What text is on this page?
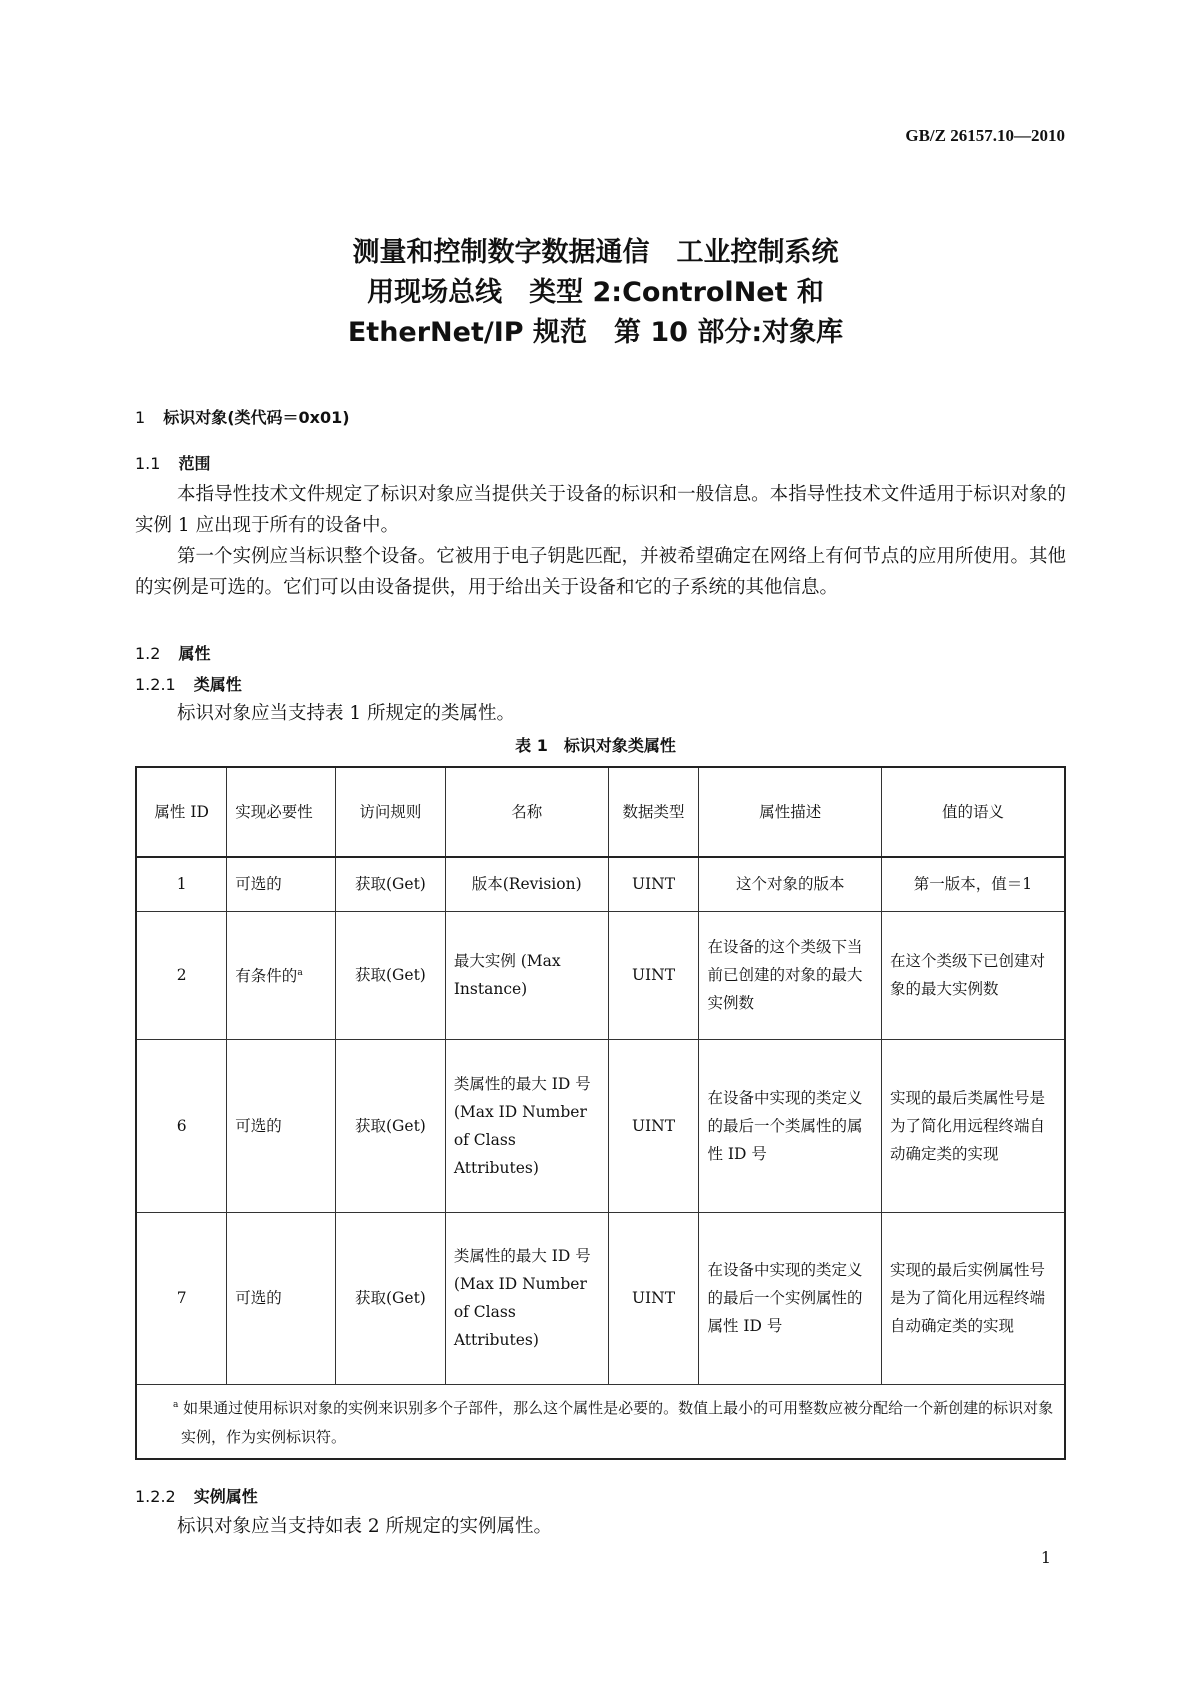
GB/Z 26157.10—2010
测量和控制数字数据通信　工业控制系统
用现场总线　类型 2:ControlNet 和
EtherNet/IP 规范　第 10 部分:对象库
1 标识对象(类代码＝0x01)
1.1 范围
本指导性技术文件规定了标识对象应当提供关于设备的标识和一般信息。本指导性技术文件适用于标识对象的实例 1 应出现于所有的设备中。
第一个实例应当标识整个设备。它被用于电子钥匙匹配，并被希望确定在网络上有何节点的应用所使用。其他的实例是可选的。它们可以由设备提供，用于给出关于设备和它的子系统的其他信息。
1.2 属性
1.2.1 类属性
标识对象应当支持表 1 所规定的类属性。
表 1　标识对象类属性
属性 ID	实现必要性	访问规则	名称	数据类型	属性描述	值的语义
1	可选的	获取(Get)	版本(Revision)	UINT	这个对象的版本	第一版本，值＝1
2	有条件的$^a$	获取(Get)	最大实例 (Max Instance)	UINT	在设备的这个类级下当前已创建的对象的最大实例数	在这个类级下已创建对象的最大实例数
6	可选的	获取(Get)	类属性的最大 ID 号 (Max ID Number of Class Attributes)	UINT	在设备中实现的类定义的最后一个类属性的属性 ID 号	实现的最后类属性号是为了简化用远程终端自动确定类的实现
7	可选的	获取(Get)	类属性的最大 ID 号 (Max ID Number of Class Attributes)	UINT	在设备中实现的类定义的最后一个实例属性的属性 ID 号	实现的最后实例属性号是为了简化用远程终端自动确定类的实现
$^a$ 如果通过使用标识对象的实例来识别多个子部件，那么这个属性是必要的。数值上最小的可用整数应被分配给一个新创建的标识对象实例，作为实例标识符。						
1.2.2 实例属性
标识对象应当支持如表 2 所规定的实例属性。
1
